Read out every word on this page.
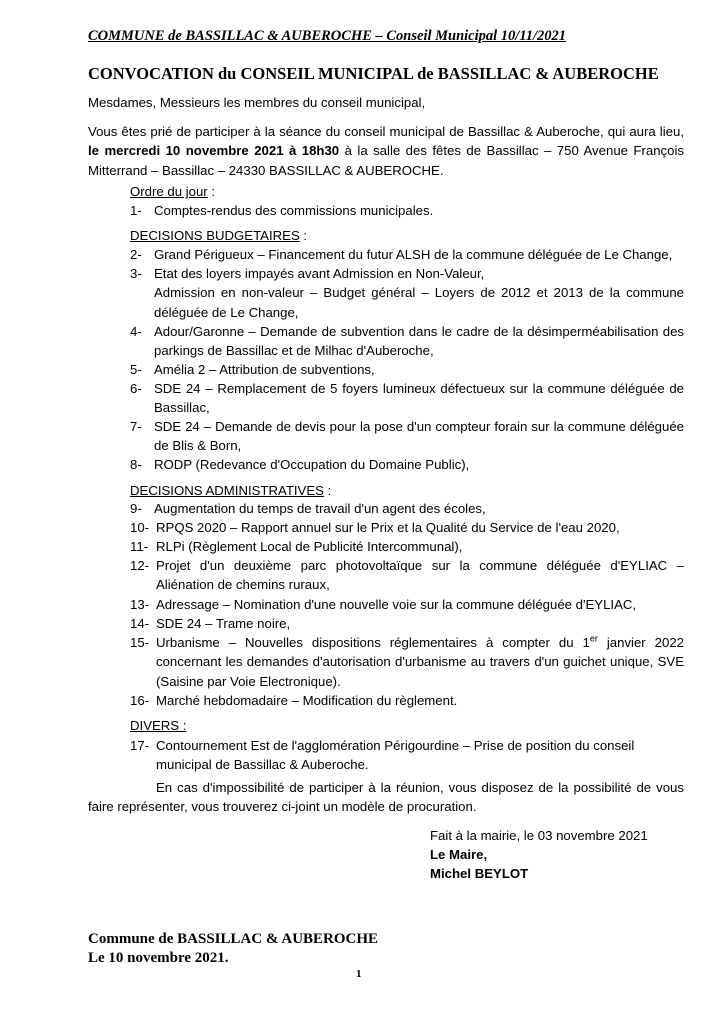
COMMUNE de BASSILLAC & AUBEROCHE – Conseil Municipal 10/11/2021
CONVOCATION du CONSEIL MUNICIPAL de BASSILLAC & AUBEROCHE
Mesdames, Messieurs les membres du conseil municipal,
Vous êtes prié de participer à la séance du conseil municipal de Bassillac & Auberoche, qui aura lieu, le mercredi 10 novembre 2021 à 18h30 à la salle des fêtes de Bassillac – 750 Avenue François Mitterrand – Bassillac – 24330 BASSILLAC & AUBEROCHE.
Ordre du jour :
1- Comptes-rendus des commissions municipales.
DECISIONS BUDGETAIRES :
2- Grand Périgueux – Financement du futur ALSH de la commune déléguée de Le Change,
3- Etat des loyers impayés avant Admission en Non-Valeur,
Admission en non-valeur – Budget général – Loyers de 2012 et 2013 de la commune déléguée de Le Change,
4- Adour/Garonne – Demande de subvention dans le cadre de la désimperméabilisation des parkings de Bassillac et de Milhac d'Auberoche,
5- Amélia 2 – Attribution de subventions,
6- SDE 24 – Remplacement de 5 foyers lumineux défectueux sur la commune déléguée de Bassillac,
7- SDE 24 – Demande de devis pour la pose d'un compteur forain sur la commune déléguée de Blis & Born,
8- RODP (Redevance d'Occupation du Domaine Public),
DECISIONS ADMINISTRATIVES :
9- Augmentation du temps de travail d'un agent des écoles,
10- RPQS 2020 – Rapport annuel sur le Prix et la Qualité du Service de l'eau 2020,
11- RLPi (Règlement Local de Publicité Intercommunal),
12- Projet d'un deuxième parc photovoltaïque sur la commune déléguée d'EYLIAC – Aliénation de chemins ruraux,
13- Adressage – Nomination d'une nouvelle voie sur la commune déléguée d'EYLIAC,
14- SDE 24 – Trame noire,
15- Urbanisme – Nouvelles dispositions réglementaires à compter du 1er janvier 2022 concernant les demandes d'autorisation d'urbanisme au travers d'un guichet unique, SVE (Saisine par Voie Electronique).
16- Marché hebdomadaire – Modification du règlement.
DIVERS :
17- Contournement Est de l'agglomération Périgourdine – Prise de position du conseil municipal de Bassillac & Auberoche.
En cas d'impossibilité de participer à la réunion, vous disposez de la possibilité de vous faire représenter, vous trouverez ci-joint un modèle de procuration.
Fait à la mairie, le 03 novembre 2021
Le Maire,
Michel BEYLOT
Commune de BASSILLAC & AUBEROCHE
Le 10 novembre 2021.
1
